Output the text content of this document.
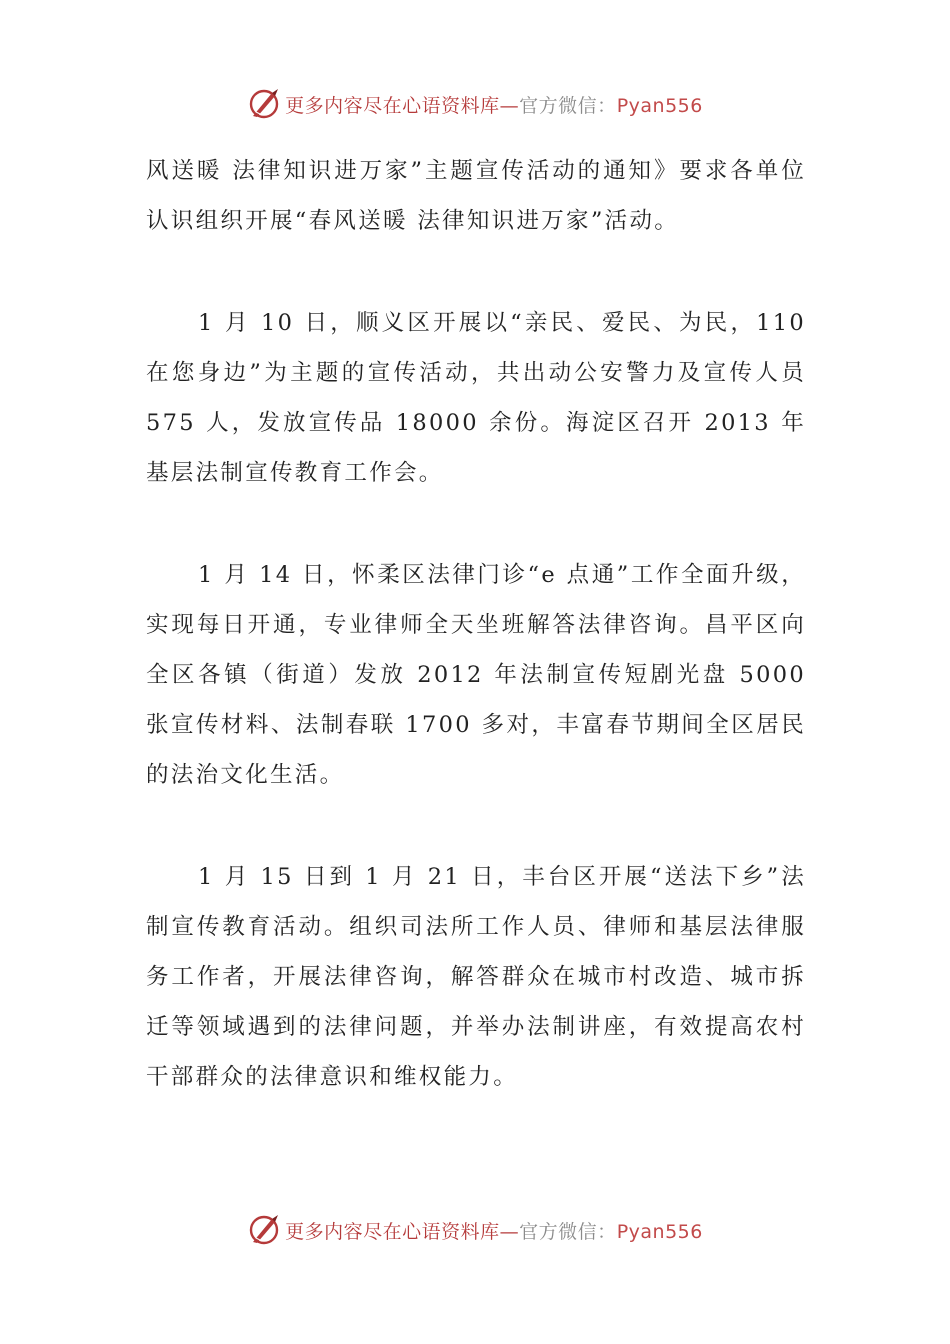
更多内容尽在心语资料库—官方微信：Pyan556

风送暖 法律知识进万家”主题宣传活动的通知》要求各单位认识组织开展“春风送暖 法律知识进万家”活动。

1 月 10 日，顺义区开展以“亲民、爱民、为民，110 在您身边”为主题的宣传活动，共出动公安警力及宣传人员 575 人，发放宣传品 18000 余份。海淀区召开 2013 年基层法制宣传教育工作会。

1 月 14 日，怀柔区法律门诊“e 点通”工作全面升级，实现每日开通，专业律师全天坐班解答法律咨询。昌平区向全区各镇（街道）发放 2012 年法制宣传短剧光盘 5000 张宣传材料、法制春联 1700 多对，丰富春节期间全区居民的法治文化生活。

1 月 15 日到 1 月 21 日，丰台区开展“送法下乡”法制宣传教育活动。组织司法所工作人员、律师和基层法律服务工作者，开展法律咨询，解答群众在城市村改造、城市拆迁等领域遇到的法律问题，并举办法制讲座，有效提高农村干部群众的法律意识和维权能力。

更多内容尽在心语资料库—官方微信：Pyan556
